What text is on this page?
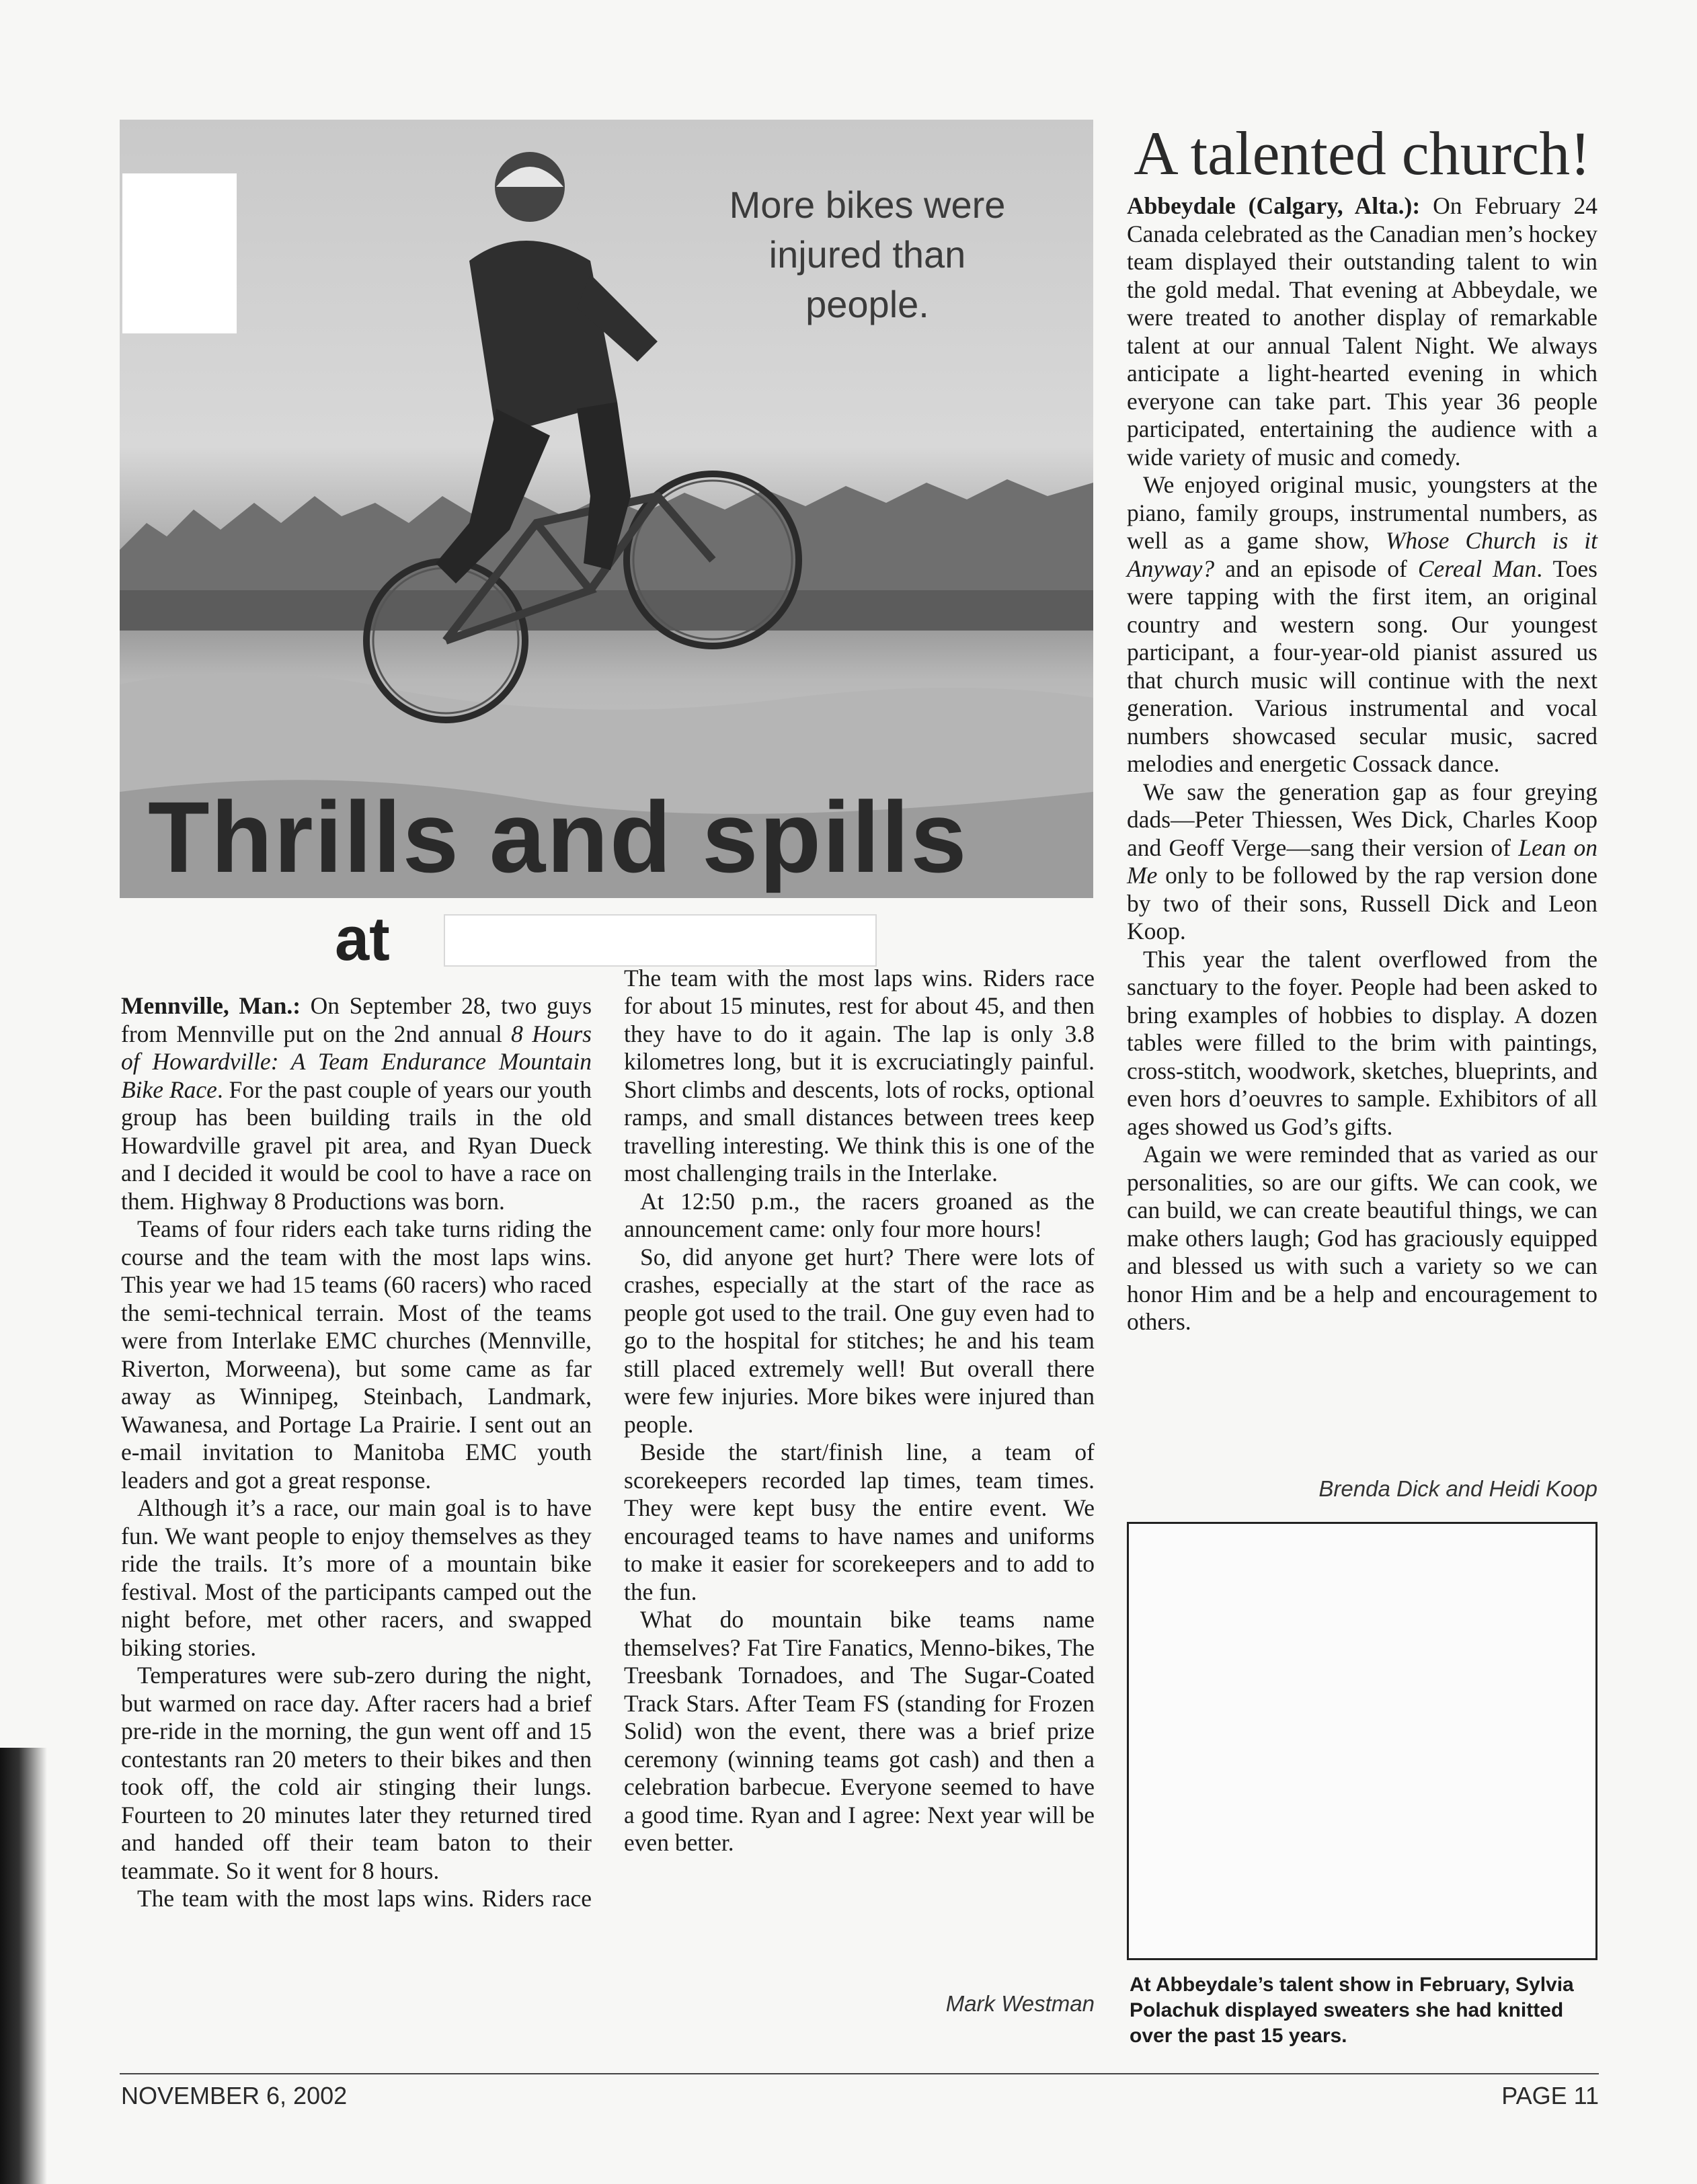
More bikes were injured than people.
Thrills and spills
at

Mennville, Man.: On September 28, two guys from Mennville put on the 2nd annual 8 Hours of Howardville: A Team Endurance Mountain Bike Race. For the past couple of years our youth group has been building trails in the old Howardville gravel pit area, and Ryan Dueck and I decided it would be cool to have a race on them. Highway 8 Productions was born.

Teams of four riders each take turns riding the course and the team with the most laps wins. This year we had 15 teams (60 racers) who raced the semi-technical terrain. Most of the teams were from Interlake EMC churches (Mennville, Riverton, Morweena), but some came as far away as Winnipeg, Steinbach, Landmark, Wawanesa, and Portage La Prairie. I sent out an e-mail invitation to Manitoba EMC youth leaders and got a great response.

Although it’s a race, our main goal is to have fun. We want people to enjoy themselves as they ride the trails. It’s more of a mountain bike festival. Most of the participants camped out the night before, met other racers, and swapped biking stories.

Temperatures were sub-zero during the night, but warmed on race day. After racers had a brief pre-ride in the morning, the gun went off and 15 contestants ran 20 meters to their bikes and then took off, the cold air stinging their lungs. Fourteen to 20 minutes later they returned tired and handed off their team baton to their teammate. So it went for 8 hours.

The team with the most laps wins. Riders race

The team with the most laps wins. Riders race for about 15 minutes, rest for about 45, and then they have to do it again. The lap is only 3.8 kilometres long, but it is excruciatingly painful. Short climbs and descents, lots of rocks, optional ramps, and small distances between trees keep travelling interesting. We think this is one of the most challenging trails in the Interlake.

At 12:50 p.m., the racers groaned as the announcement came: only four more hours!

So, did anyone get hurt? There were lots of crashes, especially at the start of the race as people got used to the trail. One guy even had to go to the hospital for stitches; he and his team still placed extremely well! But overall there were few injuries. More bikes were injured than people.

Beside the start/finish line, a team of scorekeepers recorded lap times, team times. They were kept busy the entire event. We encouraged teams to have names and uniforms to make it easier for scorekeepers and to add to the fun.

What do mountain bike teams name themselves? Fat Tire Fanatics, Menno-bikes, The Treesbank Tornadoes, and The Sugar-Coated Track Stars. After Team FS (standing for Frozen Solid) won the event, there was a brief prize ceremony (winning teams got cash) and then a celebration barbecue. Everyone seemed to have a good time. Ryan and I agree: Next year will be even better.

Mark Westman
A talented church!

Abbeydale (Calgary, Alta.): On February 24 Canada celebrated as the Canadian men’s hockey team displayed their outstanding talent to win the gold medal. That evening at Abbeydale, we were treated to another display of remarkable talent at our annual Talent Night. We always anticipate a light-hearted evening in which everyone can take part. This year 36 people participated, entertaining the audience with a wide variety of music and comedy.

We enjoyed original music, youngsters at the piano, family groups, instrumental numbers, as well as a game show, Whose Church is it Anyway? and an episode of Cereal Man. Toes were tapping with the first item, an original country and western song. Our youngest participant, a four-year-old pianist assured us that church music will continue with the next generation. Various instrumental and vocal numbers showcased secular music, sacred melodies and energetic Cossack dance.

We saw the generation gap as four greying dads—Peter Thiessen, Wes Dick, Charles Koop and Geoff Verge—sang their version of Lean on Me only to be followed by the rap version done by two of their sons, Russell Dick and Leon Koop.

This year the talent overflowed from the sanctuary to the foyer. People had been asked to bring examples of hobbies to display. A dozen tables were filled to the brim with paintings, cross-stitch, woodwork, sketches, blueprints, and even hors d’oeuvres to sample. Exhibitors of all ages showed us God’s gifts.

Again we were reminded that as varied as our personalities, so are our gifts. We can cook, we can build, we can create beautiful things, we can make others laugh; God has graciously equipped and blessed us with such a variety so we can honor Him and be a help and encouragement to others.

Brenda Dick and Heidi Koop
At Abbeydale’s talent show in February, Sylvia Polachuk displayed sweaters she had knitted over the past 15 years.
NOVEMBER 6, 2002	PAGE 11
